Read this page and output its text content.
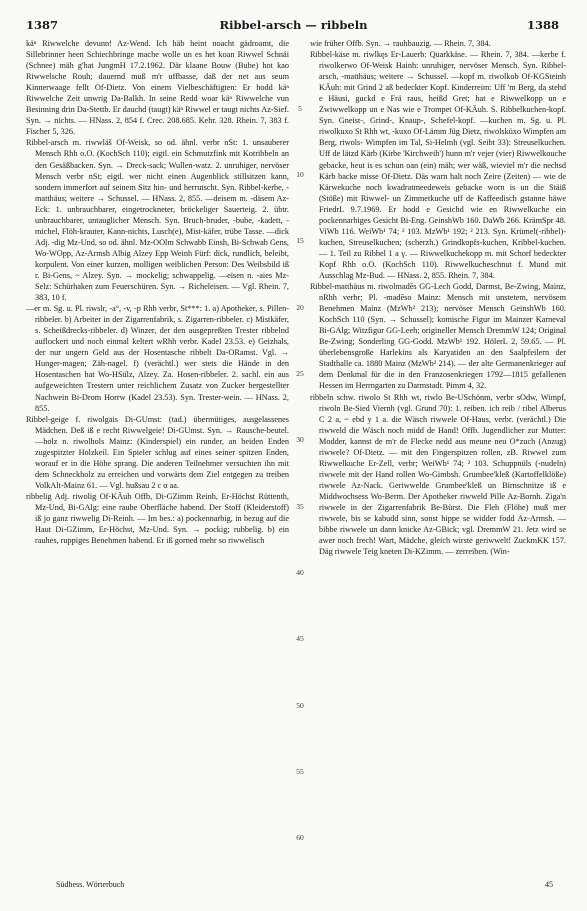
1387	Ribbel-arsch — ribbeln	1388

käⁿ Riwwelche devunn! Az-Wend. Ich häb heint noacht gädroamt, die Sillebrinner heen Schiechbringe mache wolle un es het koan Riwwel Schnái (Schnee) mäh g'hat JungmH 17.2.1962. Där klaane Bouw (Bube) hot kao Riwwelsche Rouh; dauernd muß m'r uffbasse, daß der net aus seum Kinnerwaage fellt Of-Dietz. Von einem Vielbeschäftigten: Er hodd käⁿ Riwwelche Zeit unwrig Da-Balkh. In seine Redd woar käⁿ Riwwelche vun Besinning drin Da-Stettb. Er dauchd (taugt) käⁿ Riwwel er taugt nichts Az-Sief. Syn. → nichts. — HNass. 2, 854 f. Crec. 208.685. Kehr. 328. Rhein. 7, 383 f. Fischer 5, 326.

Ribbel-arsch m. riwwläš Of-Weisk, so od. ähnl. verbr nSt: 1. unsauberer Mensch Rhh o.O. (KochSch 110); eigtl. ein Schmutzfink mit Kotribbeln an den Gesäßbacken. Syn. → Dreck-sack; Wullen-watz. 2. unruhiger, nervöser Mensch verbr nSt; eigtl. wer nicht einen Augenblick stillsitzen kann, sondern immerfort auf seinem Sitz hin- und herrutscht. Syn. Ribbel-kerbe, -matthäus; weitere → Schussel. — HNass. 2, 855. —deisem m. -däsem Az-Eck: 1. unbrauchbarer, eingetrockneter, bröckeliger Sauerteig. 2. übtr. unbrauchbarer, untauglicher Mensch. Syn. Bruch-bruder, -bube, -kadett, -michel, Flöh-krauter, Kann-nichts, Lusch(e), Mist-käfer, trübe Tasse. —dick Adj. -dig Mz-Und, so od. ähnl. Mz-OOlm Schwabb Einsh, Bi-Schwab Gens, Wo-WOpp, Az-Armsh Albig Alzey Epp Weinh Fürf: dick, rundlich, beleibt, korpulent. Von einer kurzen, molligen weiblichen Person: Des Weibsbild iß r. Bi-Gens, ~ Alzey. Syn. → mockelig; schwappelig. —eisen n. -aies Mz-Selz: Schürhaken zum Feuerschüren. Syn. → Richeleisen. — Vgl. Rhein. 7, 383, 10 f.

—er m. Sg. u. Pl. riwslr, -a°, -v, -p Rhh verbr, St***: 1. a) Apotheker, s. Pillen-ribbeler. b) Arbeiter in der Zigarrenfabrik, s. Zigarren-ribbeler. c) Mistkäfer, s. Scheißdrecks-ribbeler. d) Winzer, der den ausgepreßten Trester ribbelnd auflockert und noch einmal keltert wRhh verbr. Kadel 23.53. e) Geizhals, der nur ungern Geld aus der Hosentasche ribbelt Da-ORamst. Vgl. → Hunger-magen; Zäh-nagel. f) (verächtl.) wer stets die Hände in den Hosentaschen hat Wo-HSülz, Alzey. Za. Hosen-ribbeler. 2. sachl. ein aus aufgeweichten Trestern unter reichlichem Zusatz von Zucker hergestellter Nachwein Bi-Drom Horrw (Kadel 23.53). Syn. Trester-wein. — HNass. 2, 855.

Ribbel-geige f. riwolgais Di-GUmst: (tad.) übermütiges, ausgelassenes Mädchen. Deß iß e recht Riwwelgeie! Di-GUmst. Syn. → Rausche-beutel. —holz n. riwolhols Mainz: (Kinderspiel) ein runder, an beiden Enden zugespitzter Holzkeil. Ein Spieler schlug auf eines seiner spitzen Enden, worauf er in die Höhe sprang. Die anderen Teilnehmer versuchten ihn mit dem Schneckholz zu erreichen und vorwärts dem Ziel entgegen zu treiben VolkAlt-Mainz 61. — Vgl. hußsau 2 c α aa.

ribbelig Adj. riwolig Of-KÄuh Offb, Di-GZimm Reinh, Er-Höchst Rüttenth, Mz-Und, Bi-GAlg: eine rauhe Oberfläche habend. Der Stoff (Kleiderstoff) iß jo ganz riwwelig Di-Reinh. — Im bes.: a) pockennarbig, in bezug auf die Haut Di-GZimm, Er-Höchst, Mz-Und. Syn. → pockig; rubbelig. b) ein rauhes, ruppiges Benehmen habend. Er iß gorned mehr so riwwelisch

5
10
15
20
25
30
35
40
45
50
55
60

wie früher Offb. Syn. → rauhbauzig. — Rhein. 7, 384.

Ribbel-käse m. riwlkęs Er-Lauerb: Quarkkäse. — Rhein. 7, 384. —kerbe f. riwolkerwo Of-Weisk Hainh: unruhiger, nervöser Mensch. Syn. Ribbel-arsch, -matthäus; weitere → Schussel. —kopf m. riwolkob Of-KGSteinh KÄuh: mit Grind 2 aß bedeckter Kopf. Kinderreim: Uff 'm Berg, da stehd e Häusi, guckd e Frä raus, heißd Gret; hat e Riwwelkopp un e Zwiwwelkopp un e Nas wie e Trompet Of-KÄuh. S. Ribbelkuchen-kopf. Syn. Gneist-, Grind-, Knaup-, Schefel-kopf. —kuchen m. Sg. u. Pl. riwolkuxo St Rhh wt, -kuxo Of-Lämm Jüg Dietz, riwolsküxo Wimpfen am Berg, riwols- Wimpfen im Tal, Si-Helmh (vgl. Seibt 33): Streuselkuchen. Uff de lätzd Kärb (Kirbe 'Kirchweih') hunn m'r vejer (vier) Riwwelkouche gebacke, heut is es schun oan (ein) mäh; wer wäß, wieviel m'r die nechsd Kärb backe misse Of-Dietz. Däs warn halt noch Zeire (Zeiten) — wie de Kärwekuche noch kwadratmeedeweis gebacke worn is un die Stäiß (Stöße) mit Riwwel- un Zimmetkuche uff de Kaffeedisch gstanne häwe FriedrL 9.7.1969. Er hodd e Gesichd wie en Riwwelkuche ein pockennarbiges Gesicht Bi-Eng. GeinshWb 160. DaWb 266. KrämSpr 48. ViWb 116. WeiWb¹ 74; ² 103. MzWb¹ 192; ² 213. Syn. Krümel(-ribbel)-kuchen, Streuselkuchen; (scherzh.) Grindkopfs-kuchen, Kribbel-kuchen. — 1. Teil zu Ribbel 1 a γ. — Riwwelkuchekopp m. mit Schorf bedeckter Kopf Rhh o.O. (KochSch 110). Riwwelkucheschnut f. Mund mit Ausschlag Mz-Bud. — HNass. 2, 855. Rhein. 7, 384.

Ribbel-matthäus m. riwolmadēs GG-Lech Godd, Darmst, Be-Zwing, Mainz, nRhh verbr; Pl. -madēso Mainz: Mensch mit unstetem, nervösem Benehmen Mainz (MzWb² 213); nervöser Mensch GeinshWb 160. KochSch 110 (Syn. → Schussel); komische Figur im Mainzer Karneval Bi-GAlg; Witzfigur GG-Leeh; origineller Mensch DremmW 124; Original Be-Zwing; Sonderling GG-Godd. MzWb¹ 192. HölerL 2, 59.65. — Pl. überlebensgroße Harlekins als Karyatiden an den Saalpfeilern der Stadthalle ca. 1880 Mainz (MzWb² 214). — der alte Germanenkrieger auf dem Denkmal für die in den Franzosenkriegen 1792—1815 gefallenen Hessen im Herrngarten zu Darmstadt. Pimm 4, 32.

ribbeln schw. riwolo St Rhh wt, riwlo Be-USchönm, verbr sOdw, Wimpf, riwoln Be-Sied Viernh (vgl. Grund 70): 1. reiben. ich reib / ribel Alberus C 2 a, ~ ebd y 1 a. die Wäsch riwwele Of-Haus, verbr. (verächtl.) Die riwweld die Wäsch noch midd de Hand! Offb. Jugendlicher zur Mutter: Modder, kannst de m'r de Flecke nedd aus meune neu O*zuch (Anzug) riwwele? Of-Dietz. — mit den Fingerspitzen rollen, zB. Riwwel zum Riwwelkuche Er-Zell, verbr; WeiWb¹ 74; ² 103. Schuppnüls (-nudeln) riwwele mit der Hand rollen Wo-Gimbsh. Grumbee'kleß (Kartoffelklöße) riwwele Az-Nack. Geriwwelde Grumbee'kleß un Birnschnitze iß e Middwochsess Wo-Berm. Der Apotheker riwweld Pille Az-Bornh. Ziga'n riwwele in der Zigarrenfabrik Be-Bürst. Die Fleh (Flöhe) muß mer riwwele, bis se kabudd sinn, sonst hippe se widder fodd Az-Armsh. — bibbe riwwele un dann knicke Az-GBick; vgl. DremmW 21. Jetz wird se awer noch frech! Wart, Mädche, gleich wirste geriwwelt! ZuckmKK 157. Däg riwwele Teig kneten Di-KZimm. — zerreiben. (Win-

Südhess. Wörterbuch	45
